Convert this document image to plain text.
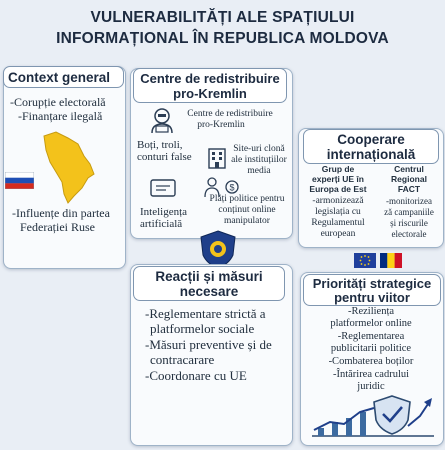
VULNERABILITĂȚI ALE SPAȚIULUI
INFORMAȚIONAL ÎN REPUBLICA MOLDOVA
Context general
-Corupție electorală
-Finanțare ilegală
-Influențe din partea
Federației Ruse
Centre de redistribuire
pro-Kremlin
Centre de redistribuire
pro-Kremlin
Boți, troli,
conturi false
Site-uri clonă
ale instituțiilor
media
Inteligența
artificială
$
Plăți politice pentru
conținut online
manipulator
Cooperare
internațională
Grup de
experți UE în
Europa de Est
-armonizează
legislația cu
Regulamentul
european
Centrul
Regional
FACT
-monitorizea
ză campaniile
și riscurile
electorale
Reacții și măsuri
necesare
-Reglementare strictă a
platformelor sociale
-Măsuri preventive și de
contracarare
-Coordonare cu UE
Priorități strategice
pentru viitor
-Reziliența
platformelor online
-Reglementarea
publicitarii politice
-Combaterea boților
-Întărirea cadrului
juridic
